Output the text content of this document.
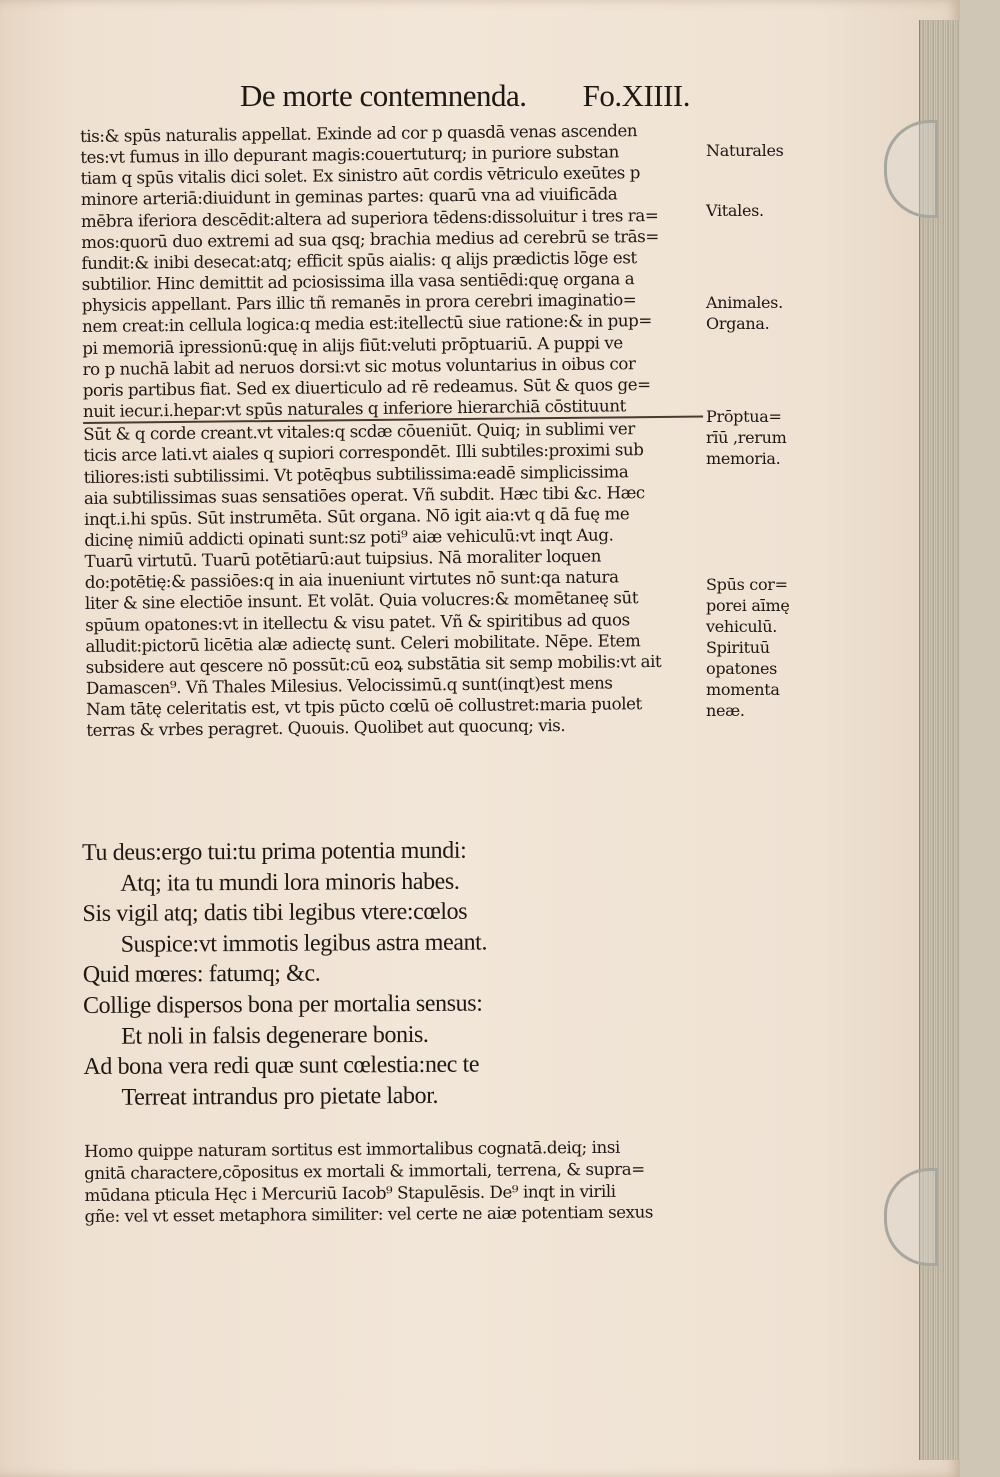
De morte contemnenda. Fo.XIIII.
tis:& spūs naturalis appellat. Exinde ad cor p quasdā venas ascenden
tes:vt fumus in illo depurant magis:couertuturq; in puriore substan
tiam q spūs vitalis dici solet. Ex sinistro aūt cordis vētriculo exeūtes p
minore arteriā:diuidunt in geminas partes: quarū vna ad viuificāda
mēbra iferiora descēdit:altera ad superiora tēdens:dissoluitur i tres ra=
mos:quorū duo extremi ad sua qsq; brachia medius ad cerebrū se trās=
fundit:& inibi desecat:atq; efficit spūs aialis: q alijs prædictis lōge est
subtilior. Hinc demittit ad pciosissima illa vasa sentiēdi:quę organa a
physicis appellant. Pars illic tñ remanēs in prora cerebri imaginatio=
nem creat:in cellula logica:q media est:itellectū siue ratione:& in pup=
pi memoriā ipressionū:quę in alijs fiūt:veluti prōptuariū. A puppi ve
ro p nuchā labit ad neruos dorsi:vt sic motus voluntarius in oibus cor
poris partibus fiat. Sed ex diuerticulo ad rē redeamus. Sūt & quos ge=
nuit iecur.i.hepar:vt spūs naturales q inferiore hierarchiā cōstituunt
Sūt & q corde creant.vt vitales:q scdæ cōueniūt. Quiq; in sublimi ver
ticis arce lati.vt aiales q supiori correspondēt. Illi subtiles:proximi sub
tiliores:isti subtilissimi. Vt potēqbus subtilissima:eadē simplicissima
aia subtilissimas suas sensatiōes operat. Vñ subdit. Hæc tibi &c. Hæc
inqt.i.hi spūs. Sūt instrumēta. Sūt organa. Nō igit aia:vt q dā fuę me
dicinę nimiū addicti opinati sunt:sz poti⁹ aiæ vehiculū:vt inqt Aug.
Tuarū virtutū. Tuarū potētiarū:aut tuipsius. Nā moraliter loquen
do:potētię:& passiōes:q in aia inueniunt virtutes nō sunt:qa natura
liter & sine electiōe insunt. Et volāt. Quia volucres:& momētaneę sūt
spūum opatones:vt in itellectu & visu patet. Vñ & spiritibus ad quos
alludit:pictorū licētia alæ adiectę sunt. Celeri mobilitate. Nēpe. Etem
subsidere aut qescere nō possūt:cū eoꝝ substātia sit semp mobilis:vt ait
Damascen⁹. Vñ Thales Milesius. Velocissimū.q sunt(inqt)est mens
Nam tātę celeritatis est, vt tpis pūcto cœlū oē collustret:maria puolet
terras & vrbes peragret. Quouis. Quolibet aut quocunq; vis.
Naturales
Vitales.
Animales.
Organa.
Prōptua=
rīū ,rerum
memoria.
Spūs cor=
porei aīmę
vehiculū.
Spirituū
opatones
momenta
neæ.
Tu deus:ergo tui:tu prima potentia mundi:
Atq; ita tu mundi lora minoris habes.
Sis vigil atq; datis tibi legibus vtere:cœlos
Suspice:vt immotis legibus astra meant.
Quid mœres: fatumq; &c.
Collige dispersos bona per mortalia sensus:
Et noli in falsis degenerare bonis.
Ad bona vera redi quæ sunt cœlestia:nec te
Terreat intrandus pro pietate labor.
Homo quippe naturam sortitus est immortalibus cognatā.deiq; insi
gnitā charactere,cōpositus ex mortali & immortali, terrena, & supra=
mūdana pticula Hęc i Mercuriū Iacob⁹ Stapulēsis. De⁹ inqt in virili
gñe: vel vt esset metaphora similiter: vel certe ne aiæ potentiam sexus
